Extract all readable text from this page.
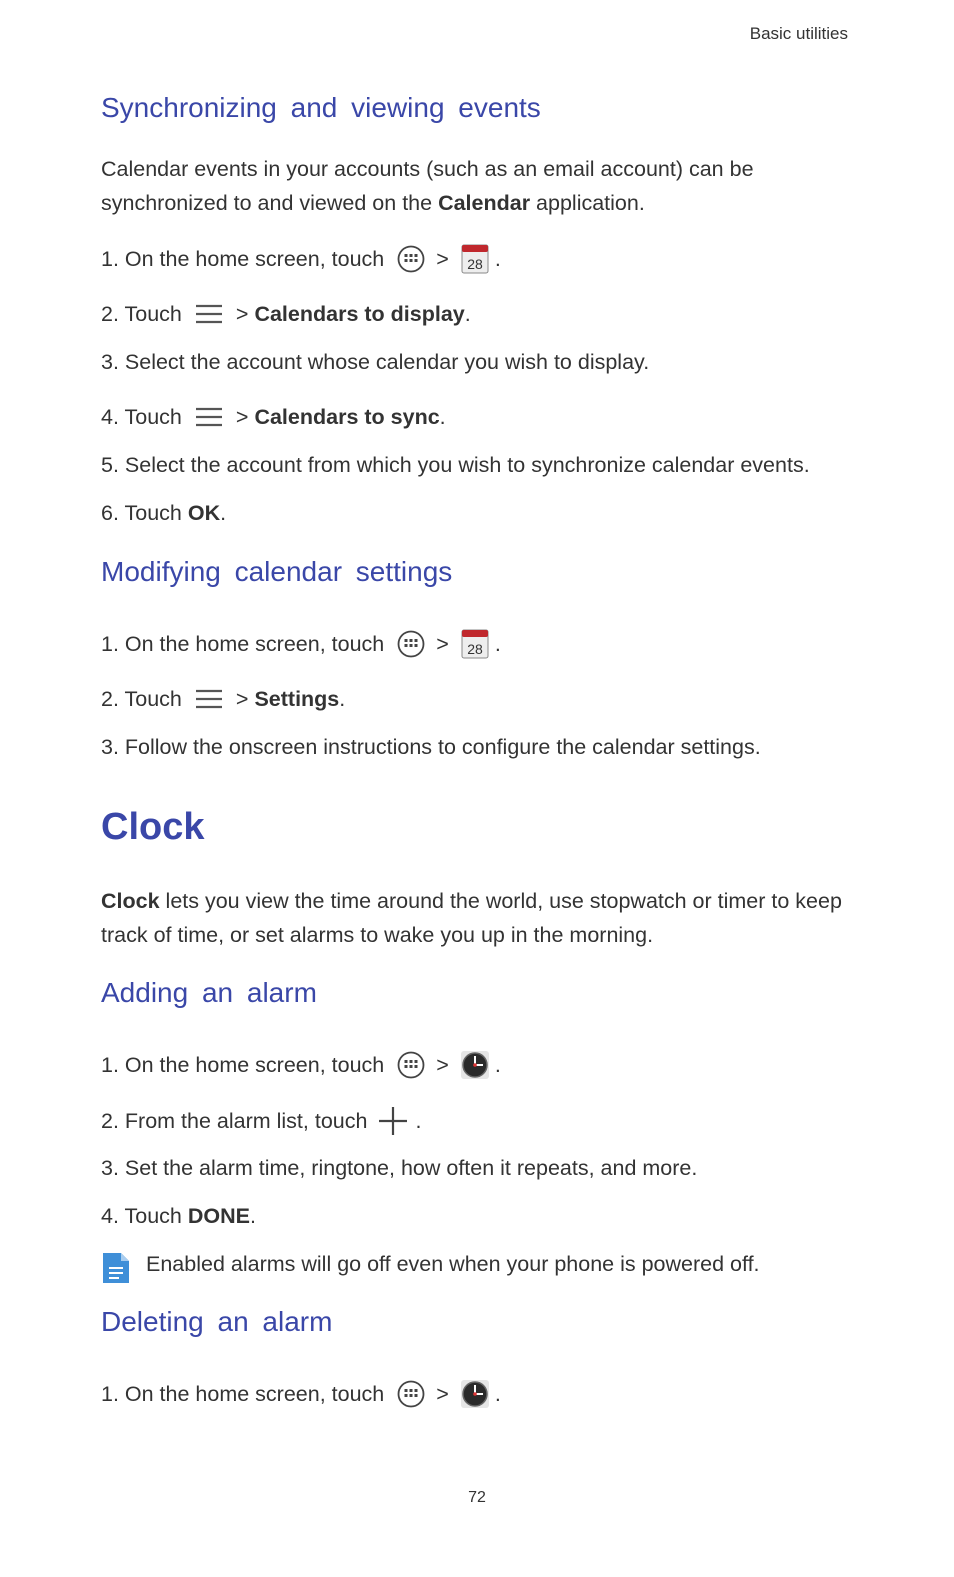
Basic utilities
Synchronizing and viewing events

Calendar events in your accounts (such as an email account) can be synchronized to and viewed on the Calendar application.

1. On the home screen, touch > 28 .
2. Touch	> Calendars to display .
3. Select the account whose calendar you wish to display.
4. Touch	> Calendars to sync .
5. Select the account from which you wish to synchronize calendar events.
6. Touch OK .
Modifying calendar settings
1. On the home screen, touch > 28 .
2. Touch	> Settings .
3. Follow the onscreen instructions to configure the calendar settings.
Clock

Clock lets you view the time around the world, use stopwatch or timer to keep track of time, or set alarms to wake you up in the morning.

Adding an alarm
1. On the home screen, touch > .
2. From the alarm list, touch .
3. Set the alarm time, ringtone, how often it repeats, and more.
4. Touch DONE .
Enabled alarms will go off even when your phone is powered off.
Deleting an alarm
1. On the home screen, touch > .
72
